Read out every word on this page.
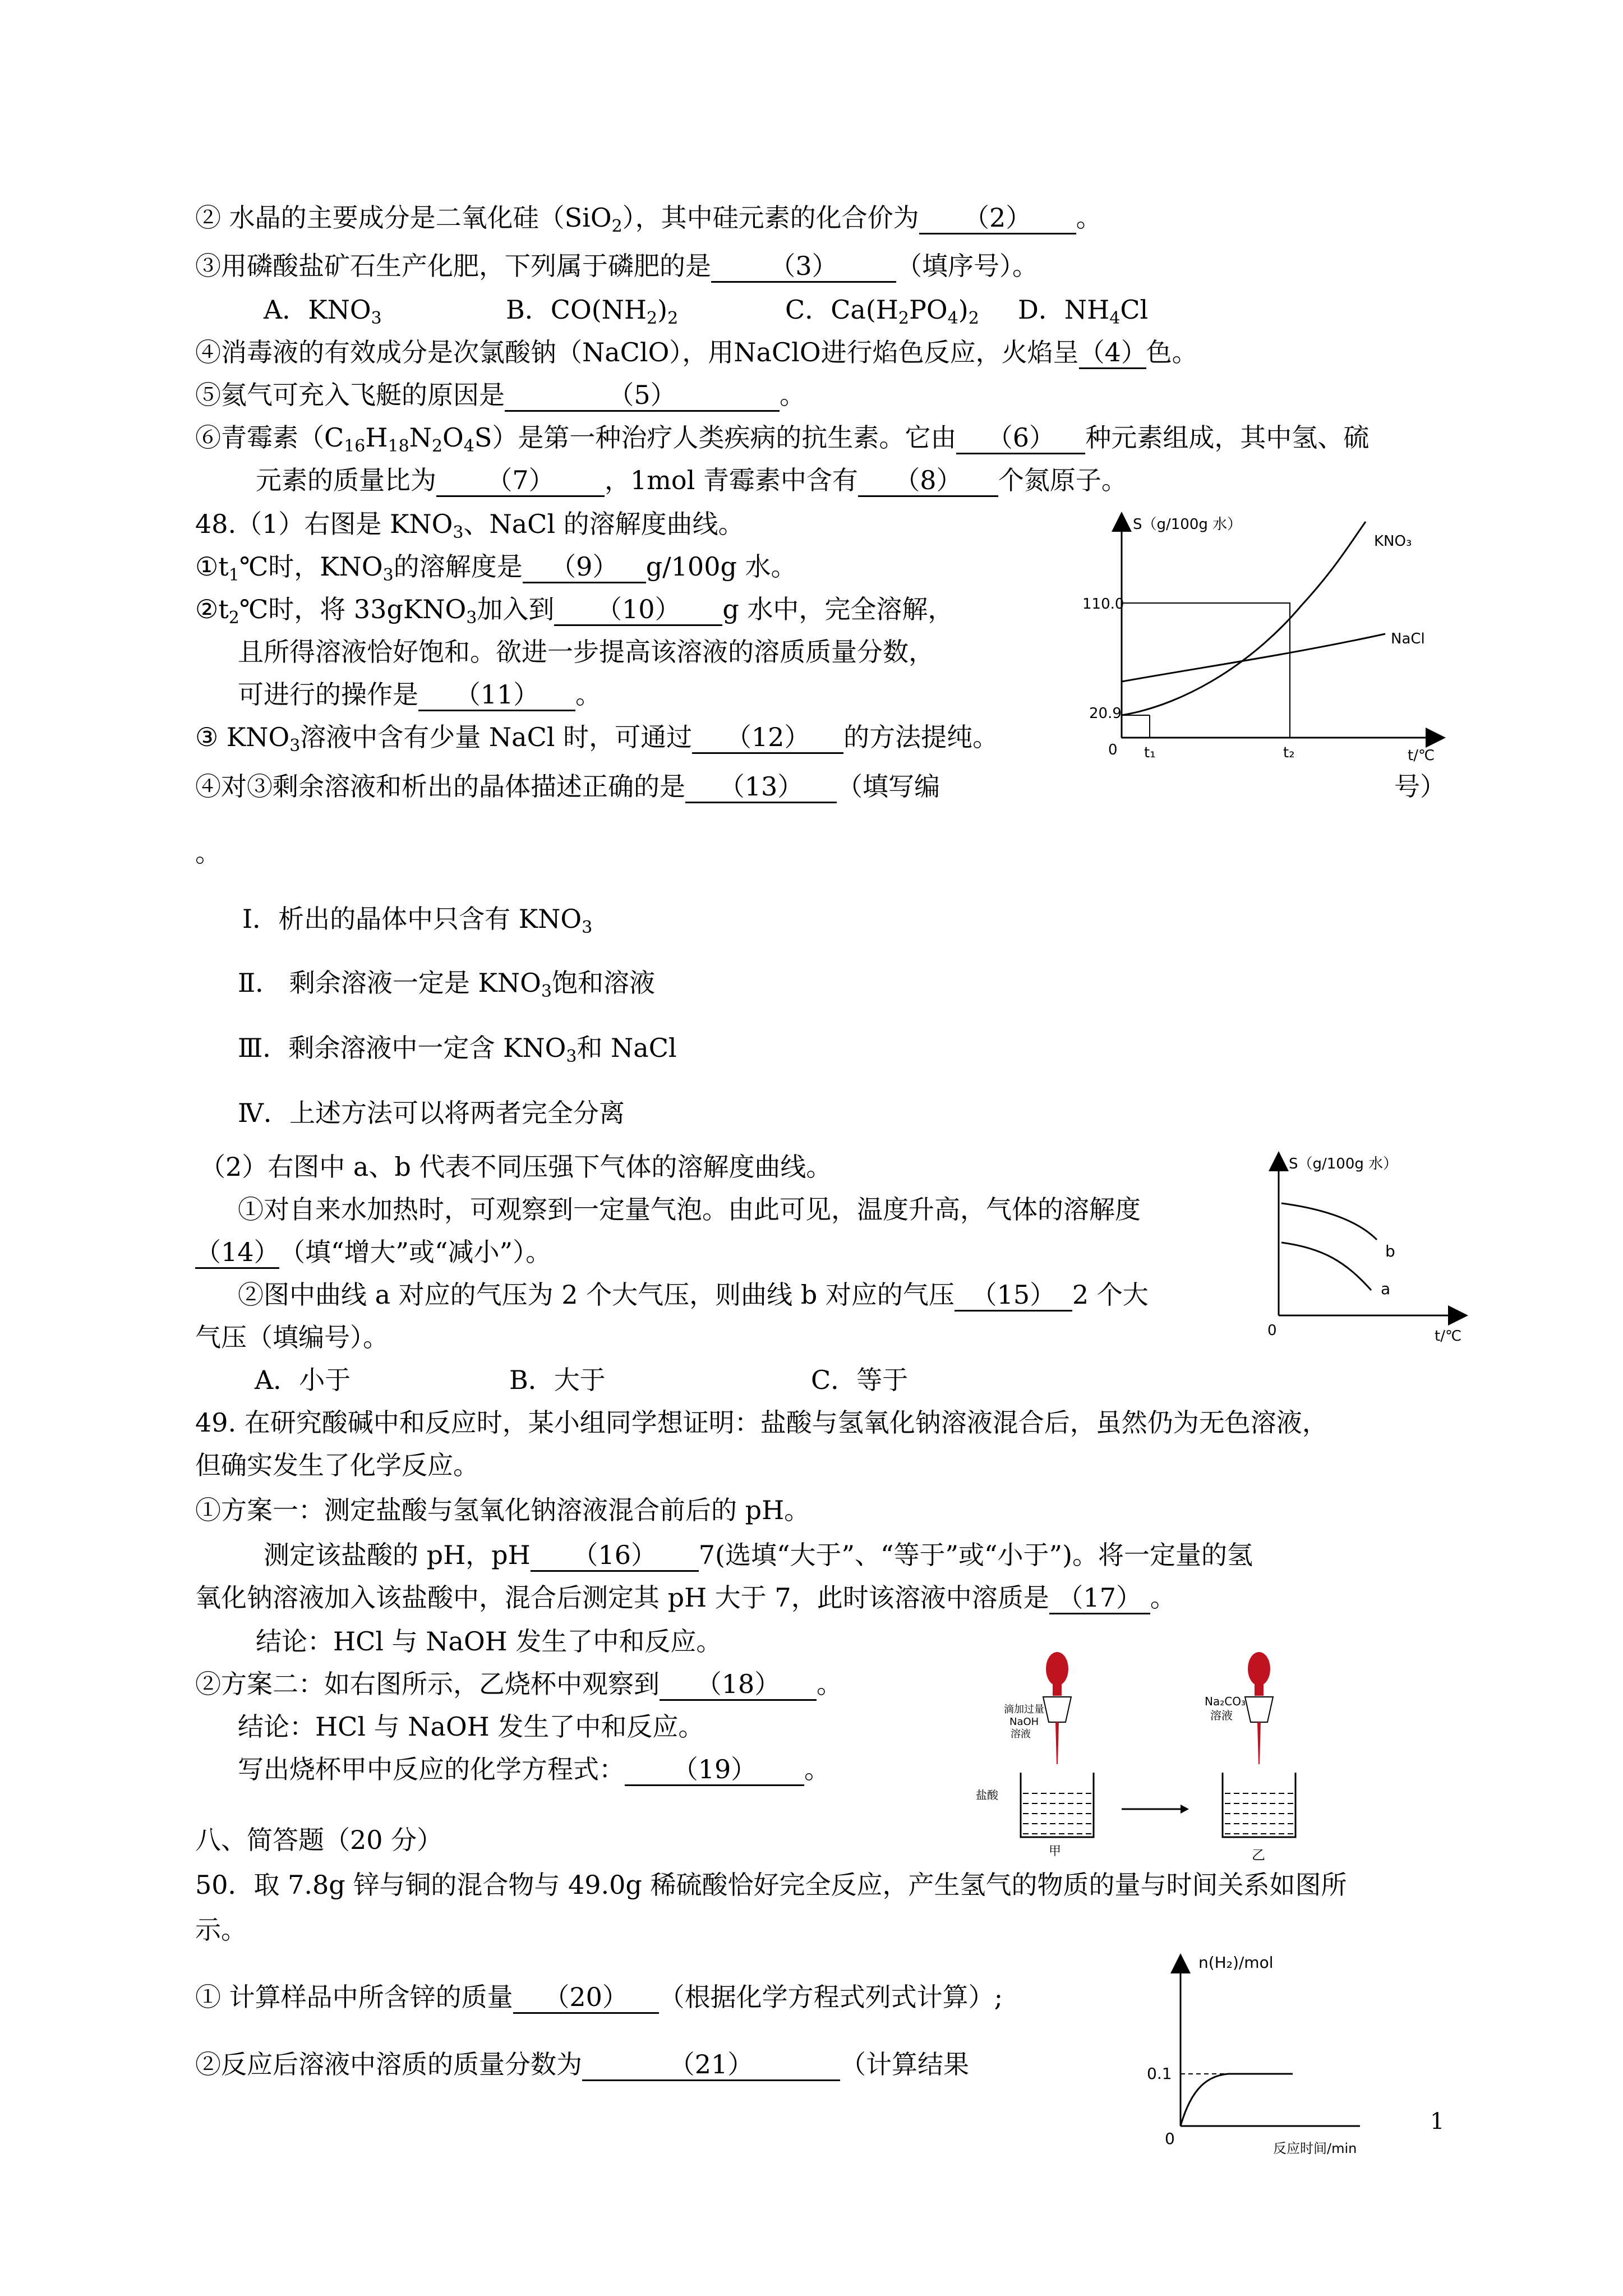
② 水晶的主要成分是二氧化硅（SiO$_2$），其中硅元素的化合价为 （2） 。
③用磷酸盐矿石生产化肥，下列属于磷肥的是 （3） （填序号）。
A．$KNO_3$	B．$CO(NH_2)_2$	C．$Ca(H_2PO_4)_2$ D．$NH_4Cl$
④消毒液的有效成分是次氯酸钠（NaClO），用NaClO进行焰色反应，火焰呈（4）色。
⑤氦气可充入飞艇的原因是	（5）	。
⑥青霉素$(C_{16}H_{18}N_2O_4S)$是第一种治疗人类疾病的抗生素。它由 （6） 种元素组成，其中氢、硫
元素的质量比为 （7） ，1mol 青霉素中含有 （8） 个氮原子。
48.（1）右图是 $KNO_3$、NaCl 的溶解度曲线。
$①t_1℃$时，$KNO_3$的溶解度是 （9） g/100g 水。
$②t_2℃$时，将 33gKNO$_3$加入到 （10） g 水中，完全溶解，
且所得溶液恰好饱和。欲进一步提高该溶液的溶质质量分数，
可进行的操作是 （11） 。
③ $KNO_3$溶液中含有少量 NaCl 时，可通过 （12） 的方法提纯。
④对③剩余溶液和析出的晶体描述正确的是 （13） （填写编	号）
。
Ⅰ．析出的晶体中只含有 $KNO_3$
Ⅱ． 剩余溶液一定是 $KNO_3$饱和溶液
Ⅲ．剩余溶液中一定含 $KNO_3$和 NaCl
Ⅳ．上述方法可以将两者完全分离
（2）右图中 a、b 代表不同压强下气体的溶解度曲线。
①对自来水加热时，可观察到一定量气泡。由此可见，温度升高，气体的溶解度
（14）（填“增大”或“减小”）。
②图中曲线 a 对应的气压为 2 个大气压，则曲线 b 对应的气压 （15） 2 个大
气压（填编号）。
A．小于	B．大于	C．等于
49. 在研究酸碱中和反应时，某小组同学想证明：盐酸与氢氧化钠溶液混合后，虽然仍为无色溶液，
但确实发生了化学反应。
①方案一：测定盐酸与氢氧化钠溶液混合前后的 pH。
测定该盐酸的 pH，pH （16） 7(选填“大于”、“等于”或“小于”)。将一定量的氢
氧化钠溶液加入该盐酸中，混合后测定其 pH 大于 7，此时该溶液中溶质是 （17） 。
结论：HCl 与 NaOH 发生了中和反应。
②方案二：如右图所示，乙烧杯中观察到 （18） 。
结论：HCl 与 NaOH 发生了中和反应。
写出烧杯甲中反应的化学方程式： （19） 。
八、简答题（20 分）
50．取 7.8g 锌与铜的混合物与 49.0g 稀硫酸恰好完全反应，产生氢气的物质的量与时间关系如图所
示。
① 计算样品中所含锌的质量 （20） （根据化学方程式列式计算）;
②反应后溶液中溶质的质量分数为	（21）	（计算结果
S（g/100g 水）
KNO₃
NaCl
110.0
20.9
0 t₁	t₂	t/℃
S（g/100g 水）
b
a
0	t/℃
滴加过量
NaOH
溶液
盐酸
甲
Na₂CO₃
溶液
乙
n(H₂)/mol
0.1
0
反应时间/min
1
